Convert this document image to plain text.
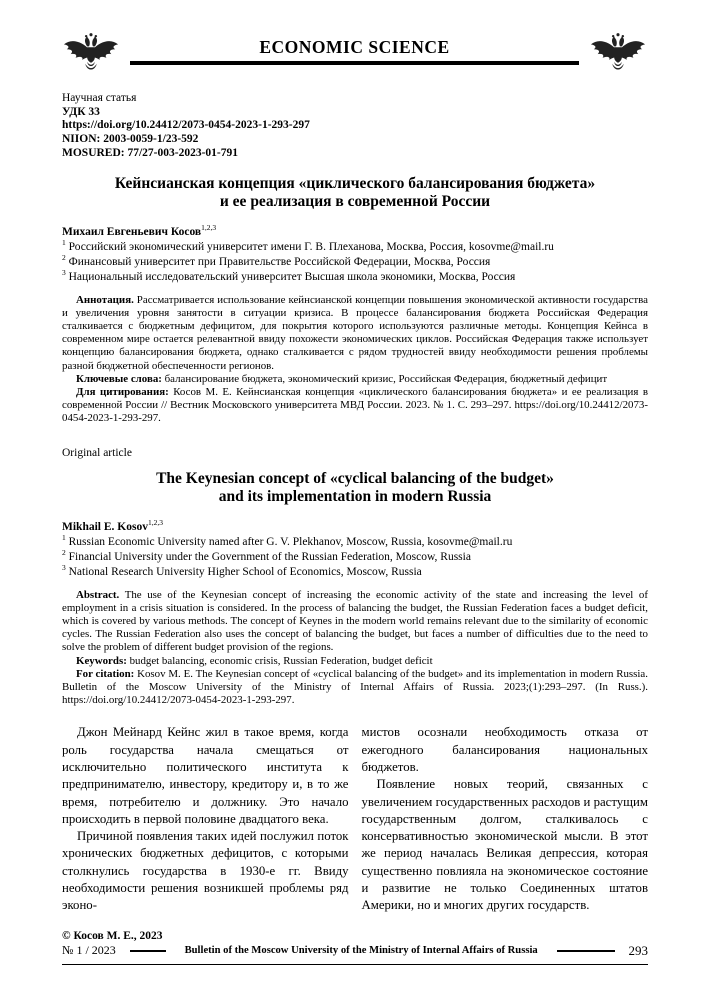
ECONOMIC SCIENCE
Научная статья
УДК 33
https://doi.org/10.24412/2073-0454-2023-1-293-297
NIION: 2003-0059-1/23-592
MOSURED: 77/27-003-2023-01-791
Кейнсианская концепция «циклического балансирования бюджета»
и ее реализация в современной России
Михаил Евгеньевич Косов$^{1,2,3}$
$^1$ Российский экономический университет имени Г. В. Плеханова, Москва, Россия, kosovme@mail.ru
$^2$ Финансовый университет при Правительстве Российской Федерации, Москва, Россия
$^3$ Национальный исследовательский университет Высшая школа экономики, Москва, Россия

Аннотация. Рассматривается использование кейнсианской концепции повышения экономической активности государства и увеличения уровня занятости в ситуации кризиса. В процессе балансирования бюджета Российская Федерация сталкивается с бюджетным дефицитом, для покрытия которого используются различные методы. Концепция Кейнса в современном мире остается релевантной ввиду похожести экономических циклов. Российская Федерация также использует концепцию балансирования бюджета, однако сталкивается с рядом трудностей ввиду необходимости решения проблемы разной бюджетной обеспеченности регионов.

Ключевые слова: балансирование бюджета, экономический кризис, Российская Федерация, бюджетный дефицит

Для цитирования: Косов М. Е. Кейнсианская концепция «циклического балансирования бюджета» и ее реализация в современной России // Вестник Московского университета МВД России. 2023. № 1. С. 293–297. https://doi.org/10.24412/2073-0454-2023-1-293-297.

Original article
The Keynesian concept of «cyclical balancing of the budget»
and its implementation in modern Russia
Mikhail E. Kosov$^{1,2,3}$
$^1$ Russian Economic University named after G. V. Plekhanov, Moscow, Russia, kosovme@mail.ru
$^2$ Financial University under the Government of the Russian Federation, Moscow, Russia
$^3$ National Research University Higher School of Economics, Moscow, Russia

Abstract. The use of the Keynesian concept of increasing the economic activity of the state and increasing the level of employment in a crisis situation is considered. In the process of balancing the budget, the Russian Federation faces a budget deficit, which is covered by various methods. The concept of Keynes in the modern world remains relevant due to the similarity of economic cycles. The Russian Federation also uses the concept of balancing the budget, but faces a number of difficulties due to the need to solve the problem of different budget provision of the regions.

Keywords: budget balancing, economic crisis, Russian Federation, budget deficit

For citation: Kosov M. E. The Keynesian concept of «cyclical balancing of the budget» and its implementation in modern Russia. Bulletin of the Moscow University of the Ministry of Internal Affairs of Russia. 2023;(1):293–297. (In Russ.). https://doi.org/10.24412/2073-0454-2023-1-293-297.

Джон Мейнард Кейнс жил в такое время, когда роль государства начала смещаться от исключительно политического института к предпринимателю, инвестору, кредитору и, в то же время, потребителю и должнику. Это начало происходить в первой половине двадцатого века.

Причиной появления таких идей послужил поток хронических бюджетных дефицитов, с которыми столкнулись государства в 1930-е гг. Ввиду необходимости решения возникшей проблемы ряд эконо-

мистов осознали необходимость отказа от ежегодного балансирования национальных бюджетов.

Появление новых теорий, связанных с увеличением государственных расходов и растущим государственным долгом, сталкивалось с консервативностью экономической мысли. В этот же период началась Великая депрессия, которая существенно повлияла на экономическое состояние и развитие не только Соединенных штатов Америки, но и многих других государств.

© Косов М. Е., 2023
№ 1 / 2023	Bulletin of the Moscow University of the Ministry of Internal Affairs of Russia	293
